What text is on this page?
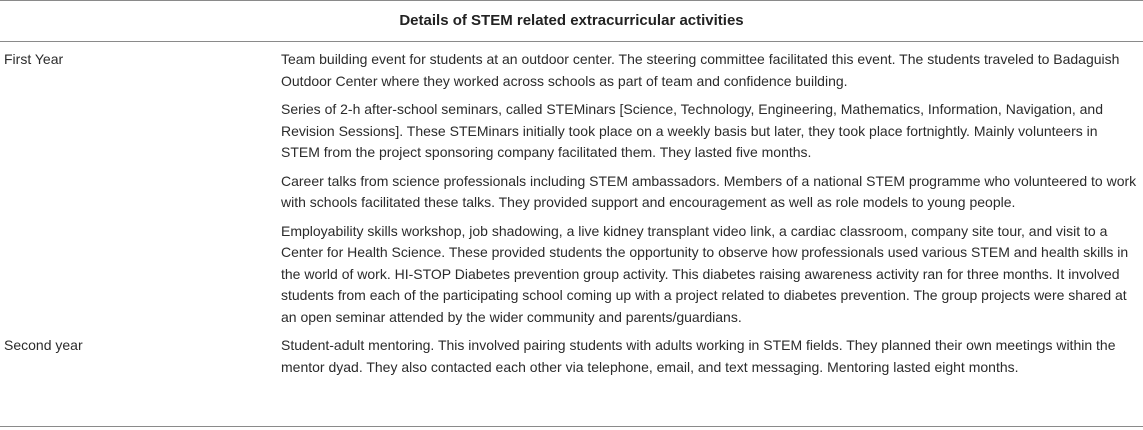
Details of STEM related extracurricular activities
First Year	Team building event for students at an outdoor center. The steering committee facilitated this event. The students traveled to Badaguish Outdoor Center where they worked across schools as part of team and confidence building.

Series of 2-h after-school seminars, called STEMinars [Science, Technology, Engineering, Mathematics, Information, Navigation, and Revision Sessions]. These STEMinars initially took place on a weekly basis but later, they took place fortnightly. Mainly volunteers in STEM from the project sponsoring company facilitated them. They lasted five months.

Career talks from science professionals including STEM ambassadors. Members of a national STEM programme who volunteered to work with schools facilitated these talks. They provided support and encouragement as well as role models to young people.

Employability skills workshop, job shadowing, a live kidney transplant video link, a cardiac classroom, company site tour, and visit to a Center for Health Science. These provided students the opportunity to observe how professionals used various STEM and health skills in the world of work. HI-STOP Diabetes prevention group activity. This diabetes raising awareness activity ran for three months. It involved students from each of the participating school coming up with a project related to diabetes prevention. The group projects were shared at an open seminar attended by the wider community and parents/guardians.

Second year	Student-adult mentoring. This involved pairing students with adults working in STEM fields. They planned their own meetings within the mentor dyad. They also contacted each other via telephone, email, and text messaging. Mentoring lasted eight months.
